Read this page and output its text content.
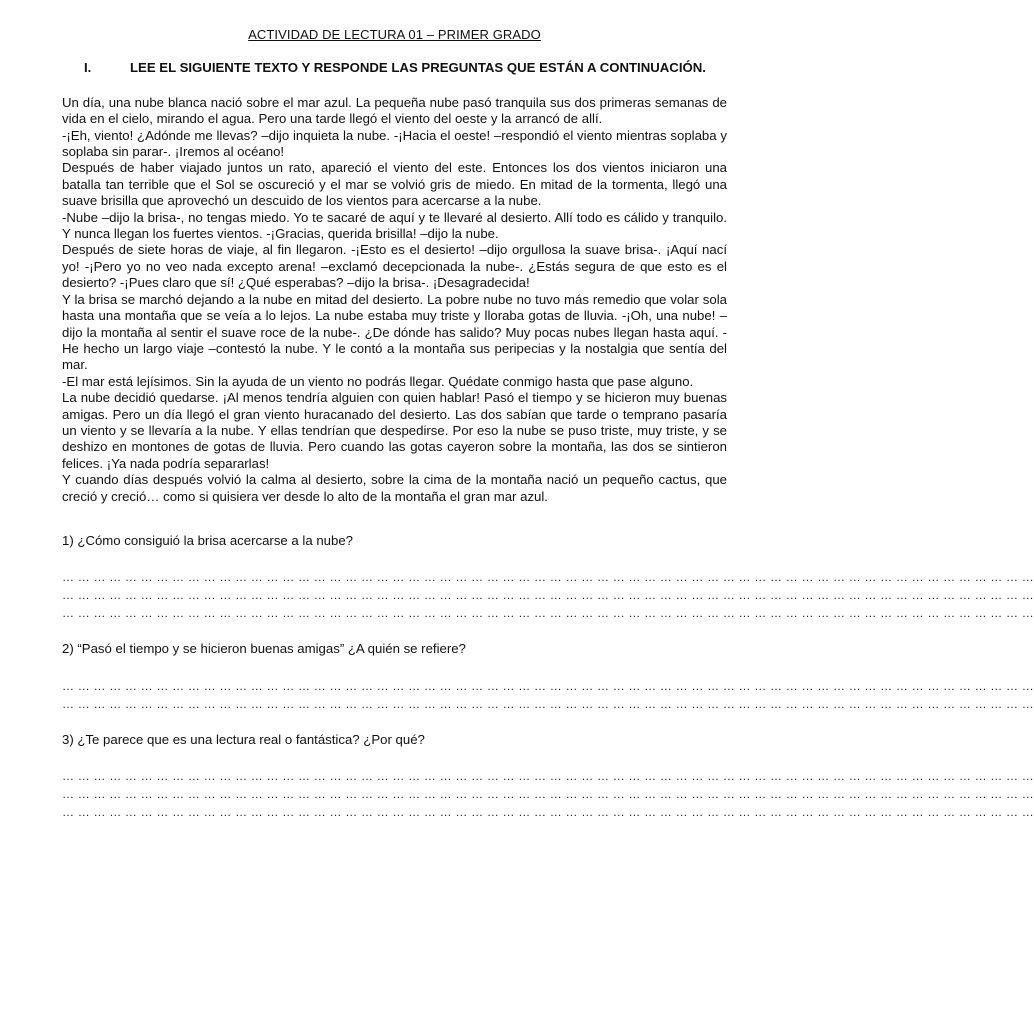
ACTIVIDAD DE LECTURA 01 – PRIMER GRADO
I.	LEE EL SIGUIENTE TEXTO Y RESPONDE LAS PREGUNTAS QUE ESTÁN A CONTINUACIÓN.

Un día, una nube blanca nació sobre el mar azul. La pequeña nube pasó tranquila sus dos primeras semanas de vida en el cielo, mirando el agua. Pero una tarde llegó el viento del oeste y la arrancó de allí.

-¡Eh, viento! ¿Adónde me llevas? –dijo inquieta la nube. -¡Hacia el oeste! –respondió el viento mientras soplaba y soplaba sin parar-. ¡Iremos al océano!

Después de haber viajado juntos un rato, apareció el viento del este. Entonces los dos vientos iniciaron una batalla tan terrible que el Sol se oscureció y el mar se volvió gris de miedo. En mitad de la tormenta, llegó una suave brisilla que aprovechó un descuido de los vientos para acercarse a la nube.

-Nube –dijo la brisa-, no tengas miedo. Yo te sacaré de aquí y te llevaré al desierto. Allí todo es cálido y tranquilo. Y nunca llegan los fuertes vientos. -¡Gracias, querida brisilla! –dijo la nube.

Después de siete horas de viaje, al fin llegaron. -¡Esto es el desierto! –dijo orgullosa la suave brisa-. ¡Aquí nací yo! -¡Pero yo no veo nada excepto arena! –exclamó decepcionada la nube-. ¿Estás segura de que esto es el desierto? -¡Pues claro que sí! ¿Qué esperabas? –dijo la brisa-. ¡Desagradecida!

Y la brisa se marchó dejando a la nube en mitad del desierto. La pobre nube no tuvo más remedio que volar sola hasta una montaña que se veía a lo lejos. La nube estaba muy triste y lloraba gotas de lluvia. -¡Oh, una nube! –dijo la montaña al sentir el suave roce de la nube-. ¿De dónde has salido? Muy pocas nubes llegan hasta aquí. -He hecho un largo viaje –contestó la nube. Y le contó a la montaña sus peripecias y la nostalgia que sentía del mar.

-El mar está lejísimos. Sin la ayuda de un viento no podrás llegar. Quédate conmigo hasta que pase alguno.

La nube decidió quedarse. ¡Al menos tendría alguien con quien hablar! Pasó el tiempo y se hicieron muy buenas amigas. Pero un día llegó el gran viento huracanado del desierto. Las dos sabían que tarde o temprano pasaría un viento y se llevaría a la nube. Y ellas tendrían que despedirse. Por eso la nube se puso triste, muy triste, y se deshizo en montones de gotas de lluvia. Pero cuando las gotas cayeron sobre la montaña, las dos se sintieron felices. ¡Ya nada podría separarlas!

Y cuando días después volvió la calma al desierto, sobre la cima de la montaña nació un pequeño cactus, que creció y creció… como si quisiera ver desde lo alto de la montaña el gran mar azul.

1) ¿Cómo consiguió la brisa acercarse a la nube?
… … … … … … … … … … … … … … … … … … … … … … … … … … … … … … … … … … … … … … … … … … … … … … … … … … … … … … … … … … … … … …
… … … … … … … … … … … … … … … … … … … … … … … … … … … … … … … … … … … … … … … … … … … … … … … … … … … … … … … … … … … … … …
… … … … … … … … … … … … … … … … … … … … … … … … … … … … … … … … … … … … … … … … … … … … … … … … … … … … … … … … … … … … … …
2) “Pasó el tiempo y se hicieron buenas amigas” ¿A quién se refiere?
… … … … … … … … … … … … … … … … … … … … … … … … … … … … … … … … … … … … … … … … … … … … … … … … … … … … … … … … … … … … … …
… … … … … … … … … … … … … … … … … … … … … … … … … … … … … … … … … … … … … … … … … … … … … … … … … … … … … … … … … … … … … …
3) ¿Te parece que es una lectura real o fantástica? ¿Por qué?
… … … … … … … … … … … … … … … … … … … … … … … … … … … … … … … … … … … … … … … … … … … … … … … … … … … … … … … … … … … … … …
… … … … … … … … … … … … … … … … … … … … … … … … … … … … … … … … … … … … … … … … … … … … … … … … … … … … … … … … … … … … … …
… … … … … … … … … … … … … … … … … … … … … … … … … … … … … … … … … … … … … … … … … … … … … … … … … … … … … … … … … … … … … …
